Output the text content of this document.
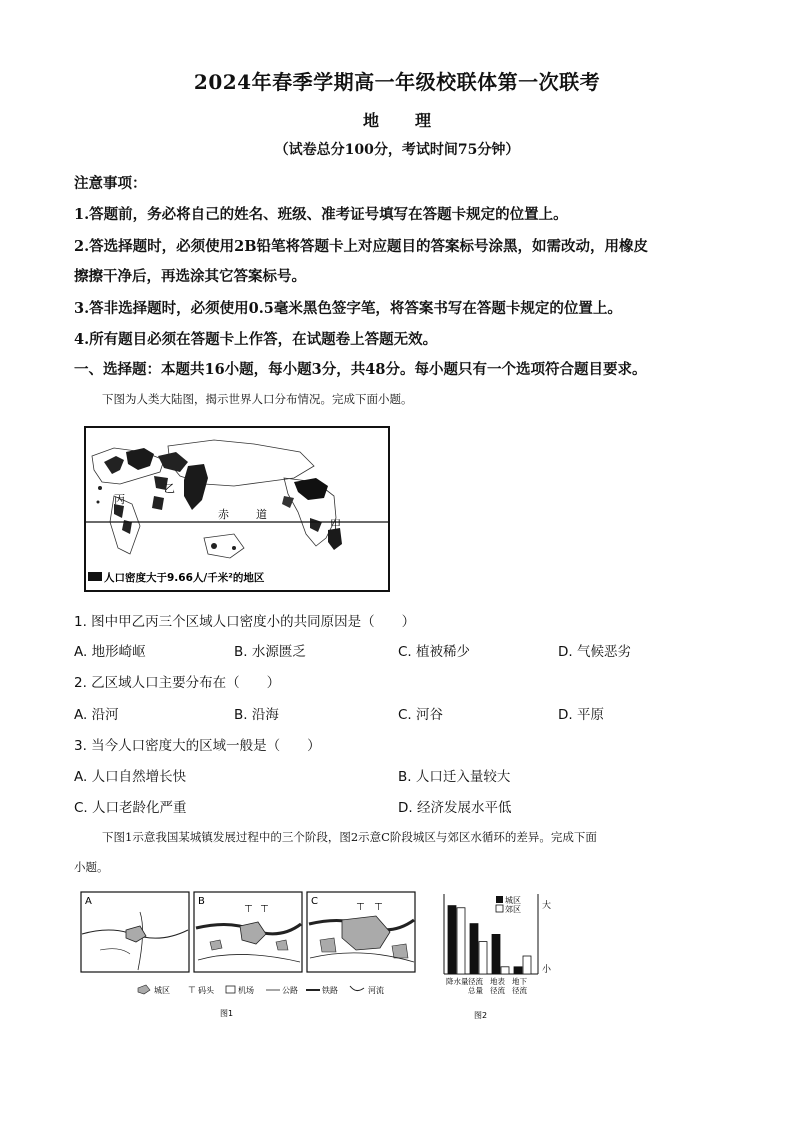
2024年春季学期高一年级校联体第一次联考
地 理
（试卷总分100分，考试时间75分钟）
注意事项：
1.答题前，务必将自己的姓名、班级、准考证号填写在答题卡规定的位置上。
2.答选择题时，必须使用2B铅笔将答题卡上对应题目的答案标号涂黑，如需改动，用橡皮
擦擦干净后，再选涂其它答案标号。
3.答非选择题时，必须使用0.5毫米黑色签字笔，将答案书写在答题卡规定的位置上。
4.所有题目必须在答题卡上作答，在试题卷上答题无效。
一、选择题：本题共16小题，每小题3分，共48分。每小题只有一个选项符合题目要求。
下图为人类大陆图，揭示世界人口分布情况。完成下面小题。
丙
乙
甲
赤 道
人口密度大于9.66人/千米²的地区
1. 图中甲乙丙三个区域人口密度小的共同原因是（　　）
A. 地形崎岖	B. 水源匮乏	C. 植被稀少	D. 气候恶劣
2. 乙区域人口主要分布在（　　）
A. 沿河	B. 沿海	C. 河谷	D. 平原
3. 当今人口密度大的区域一般是（　　）
A. 人口自然增长快	B. 人口迁入量较大
C. 人口老龄化严重	D. 经济发展水平低
下图1示意我国某城镇发展过程中的三个阶段，图2示意C阶段城区与郊区水循环的差异。完成下面
小题。
A	B
⊤ ⊤
C
⊤ ⊤
城区 ⊤ 码头	机场	公路	铁路	河流
图1
城区
郊区 大
小
降水量 径流
总量
地表
径流
地下
径流
图2
